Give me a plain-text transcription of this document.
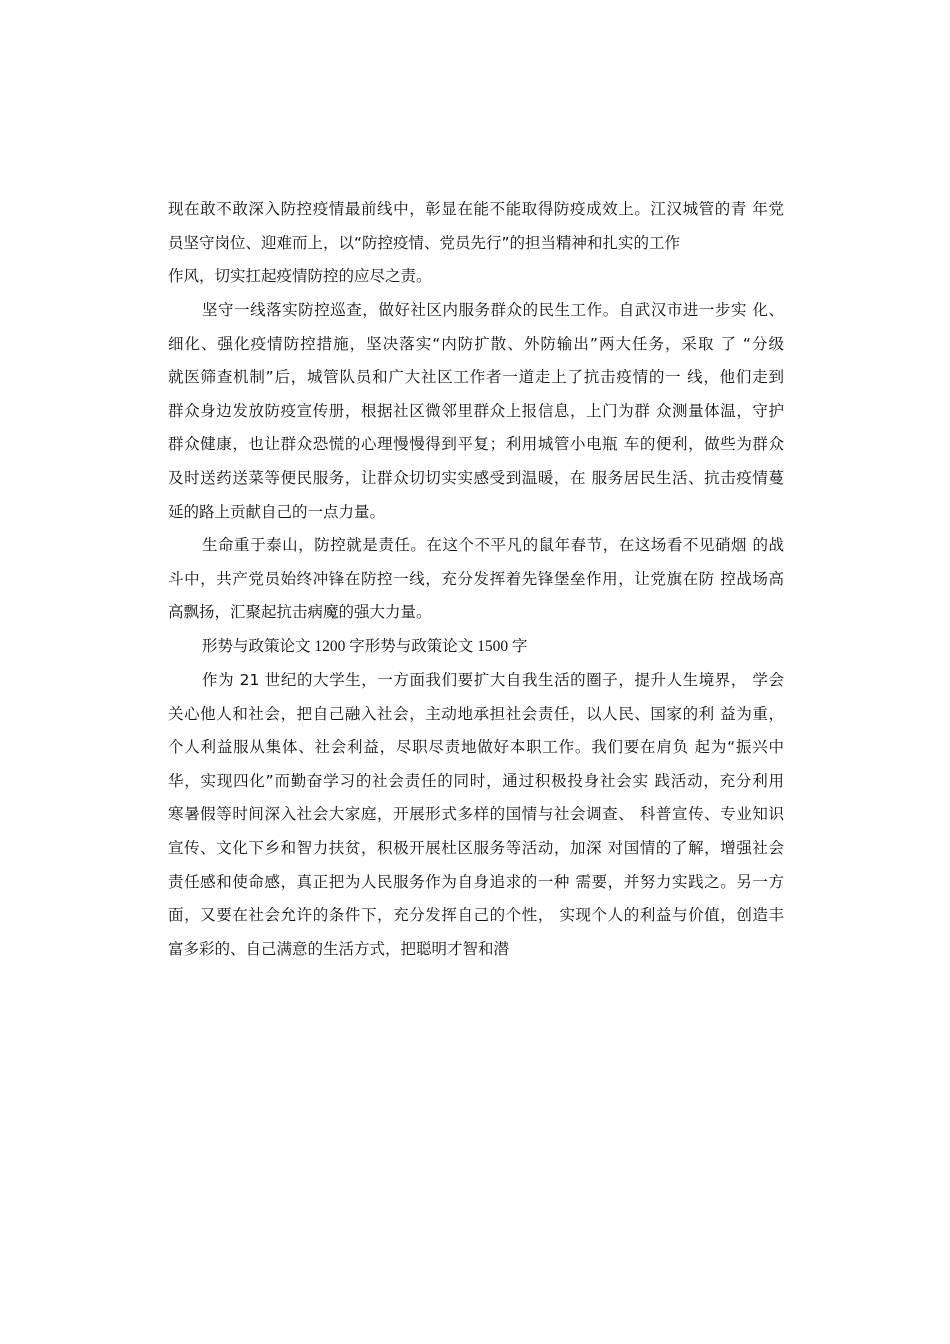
现在敢不敢深入防控疫情最前线中，彰显在能不能取得防疫成效上。江汉城管的青 年党
员坚守岗位、迎难而上，以“防控疫情、党员先行”的担当精神和扎实的工作
作风，切实扛起疫情防控的应尽之责。
坚守一线落实防控巡查，做好社区内服务群众的民生工作。自武汉市进一步实 化、
细化、强化疫情防控措施，坚决落实“内防扩散、外防输出”两大任务，采取 了 “分级
就医筛查机制”后，城管队员和广大社区工作者一道走上了抗击疫情的一 线，他们走到
群众身边发放防疫宣传册，根据社区微邻里群众上报信息，上门为群 众测量体温，守护
群众健康，也让群众恐慌的心理慢慢得到平复；利用城管小电瓶 车的便利，做些为群众
及时送药送菜等便民服务，让群众切切实实感受到温暖，在 服务居民生活、抗击疫情蔓
延的路上贡献自己的一点力量。
生命重于泰山，防控就是责任。在这个不平凡的鼠年春节，在这场看不见硝烟 的战
斗中，共产党员始终冲锋在防控一线，充分发挥着先锋堡垒作用，让党旗在防 控战场高
高飘扬，汇聚起抗击病魔的强大力量。
形势与政策论文 1200 字形势与政策论文 1500 字
作为 21 世纪的大学生，一方面我们要扩大自我生活的圈子，提升人生境界， 学会
关心他人和社会，把自己融入社会，主动地承担社会责任，以人民、国家的利 益为重，
个人利益服从集体、社会利益，尽职尽责地做好本职工作。我们要在肩负 起为“振兴中
华，实现四化”而勤奋学习的社会责任的同时，通过积极投身社会实 践活动，充分利用
寒暑假等时间深入社会大家庭，开展形式多样的国情与社会调查、 科普宣传、专业知识
宣传、文化下乡和智力扶贫，积极开展杜区服务等活动，加深 对国情的了解，增强社会
责任感和使命感，真正把为人民服务作为自身追求的一种 需要，并努力实践之。另一方
面，又要在社会允许的条件下，充分发挥自己的个性， 实现个人的利益与价值，创造丰
富多彩的、自己满意的生活方式，把聪明才智和潜
